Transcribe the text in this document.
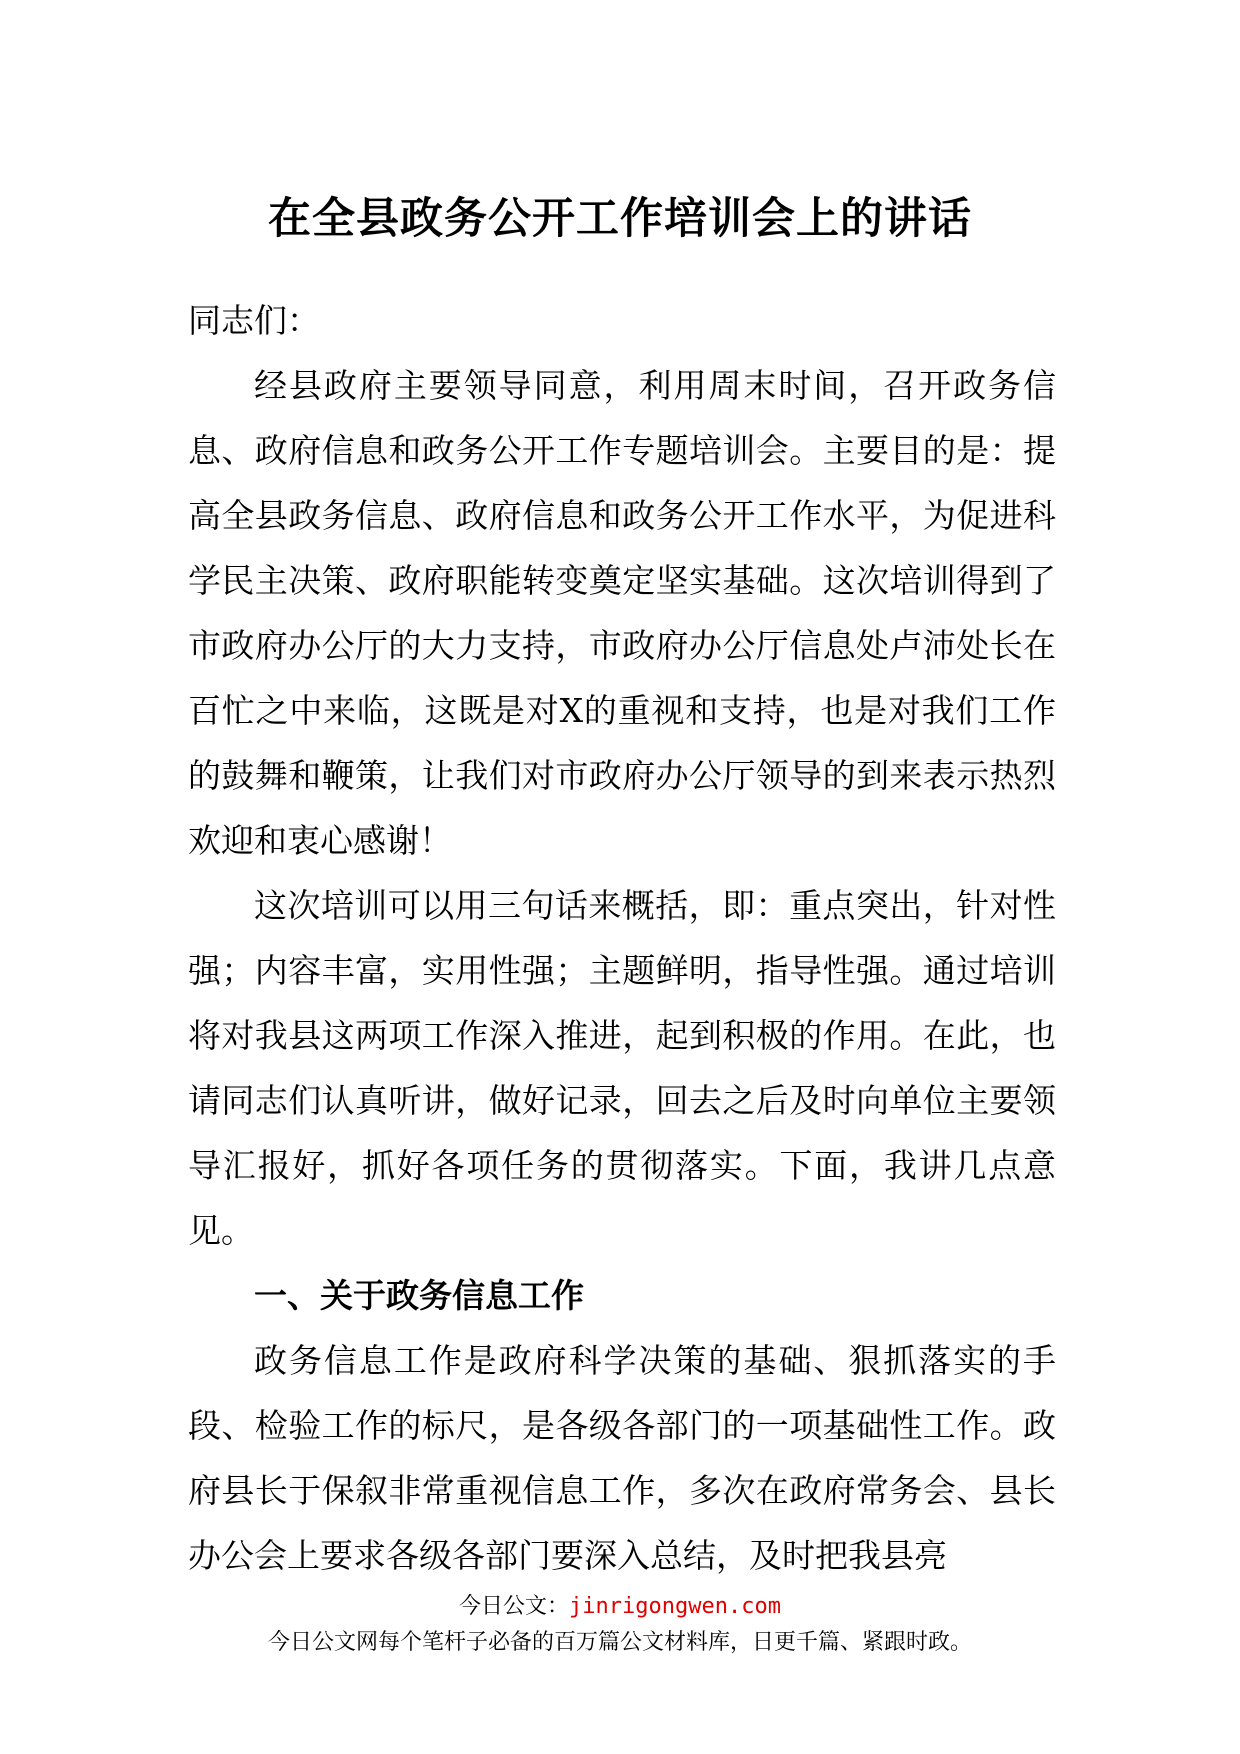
在全县政务公开工作培训会上的讲话

同志们：

经县政府主要领导同意，利用周末时间，召开政务信息、政府信息和政务公开工作专题培训会。主要目的是：提高全县政务信息、政府信息和政务公开工作水平，为促进科学民主决策、政府职能转变奠定坚实基础。这次培训得到了市政府办公厅的大力支持，市政府办公厅信息处卢沛处长在百忙之中来临，这既是对X的重视和支持，也是对我们工作的鼓舞和鞭策，让我们对市政府办公厅领导的到来表示热烈欢迎和衷心感谢！

这次培训可以用三句话来概括，即：重点突出，针对性强；内容丰富，实用性强；主题鲜明，指导性强。通过培训将对我县这两项工作深入推进，起到积极的作用。在此，也请同志们认真听讲，做好记录，回去之后及时向单位主要领导汇报好，抓好各项任务的贯彻落实。下面，我讲几点意见。

一、关于政务信息工作

政务信息工作是政府科学决策的基础、狠抓落实的手段、检验工作的标尺，是各级各部门的一项基础性工作。政府县长于保叙非常重视信息工作，多次在政府常务会、县长办公会上要求各级各部门要深入总结，及时把我县亮

今日公文：jinrigongwen.com
今日公文网每个笔杆子必备的百万篇公文材料库，日更千篇、紧跟时政。
